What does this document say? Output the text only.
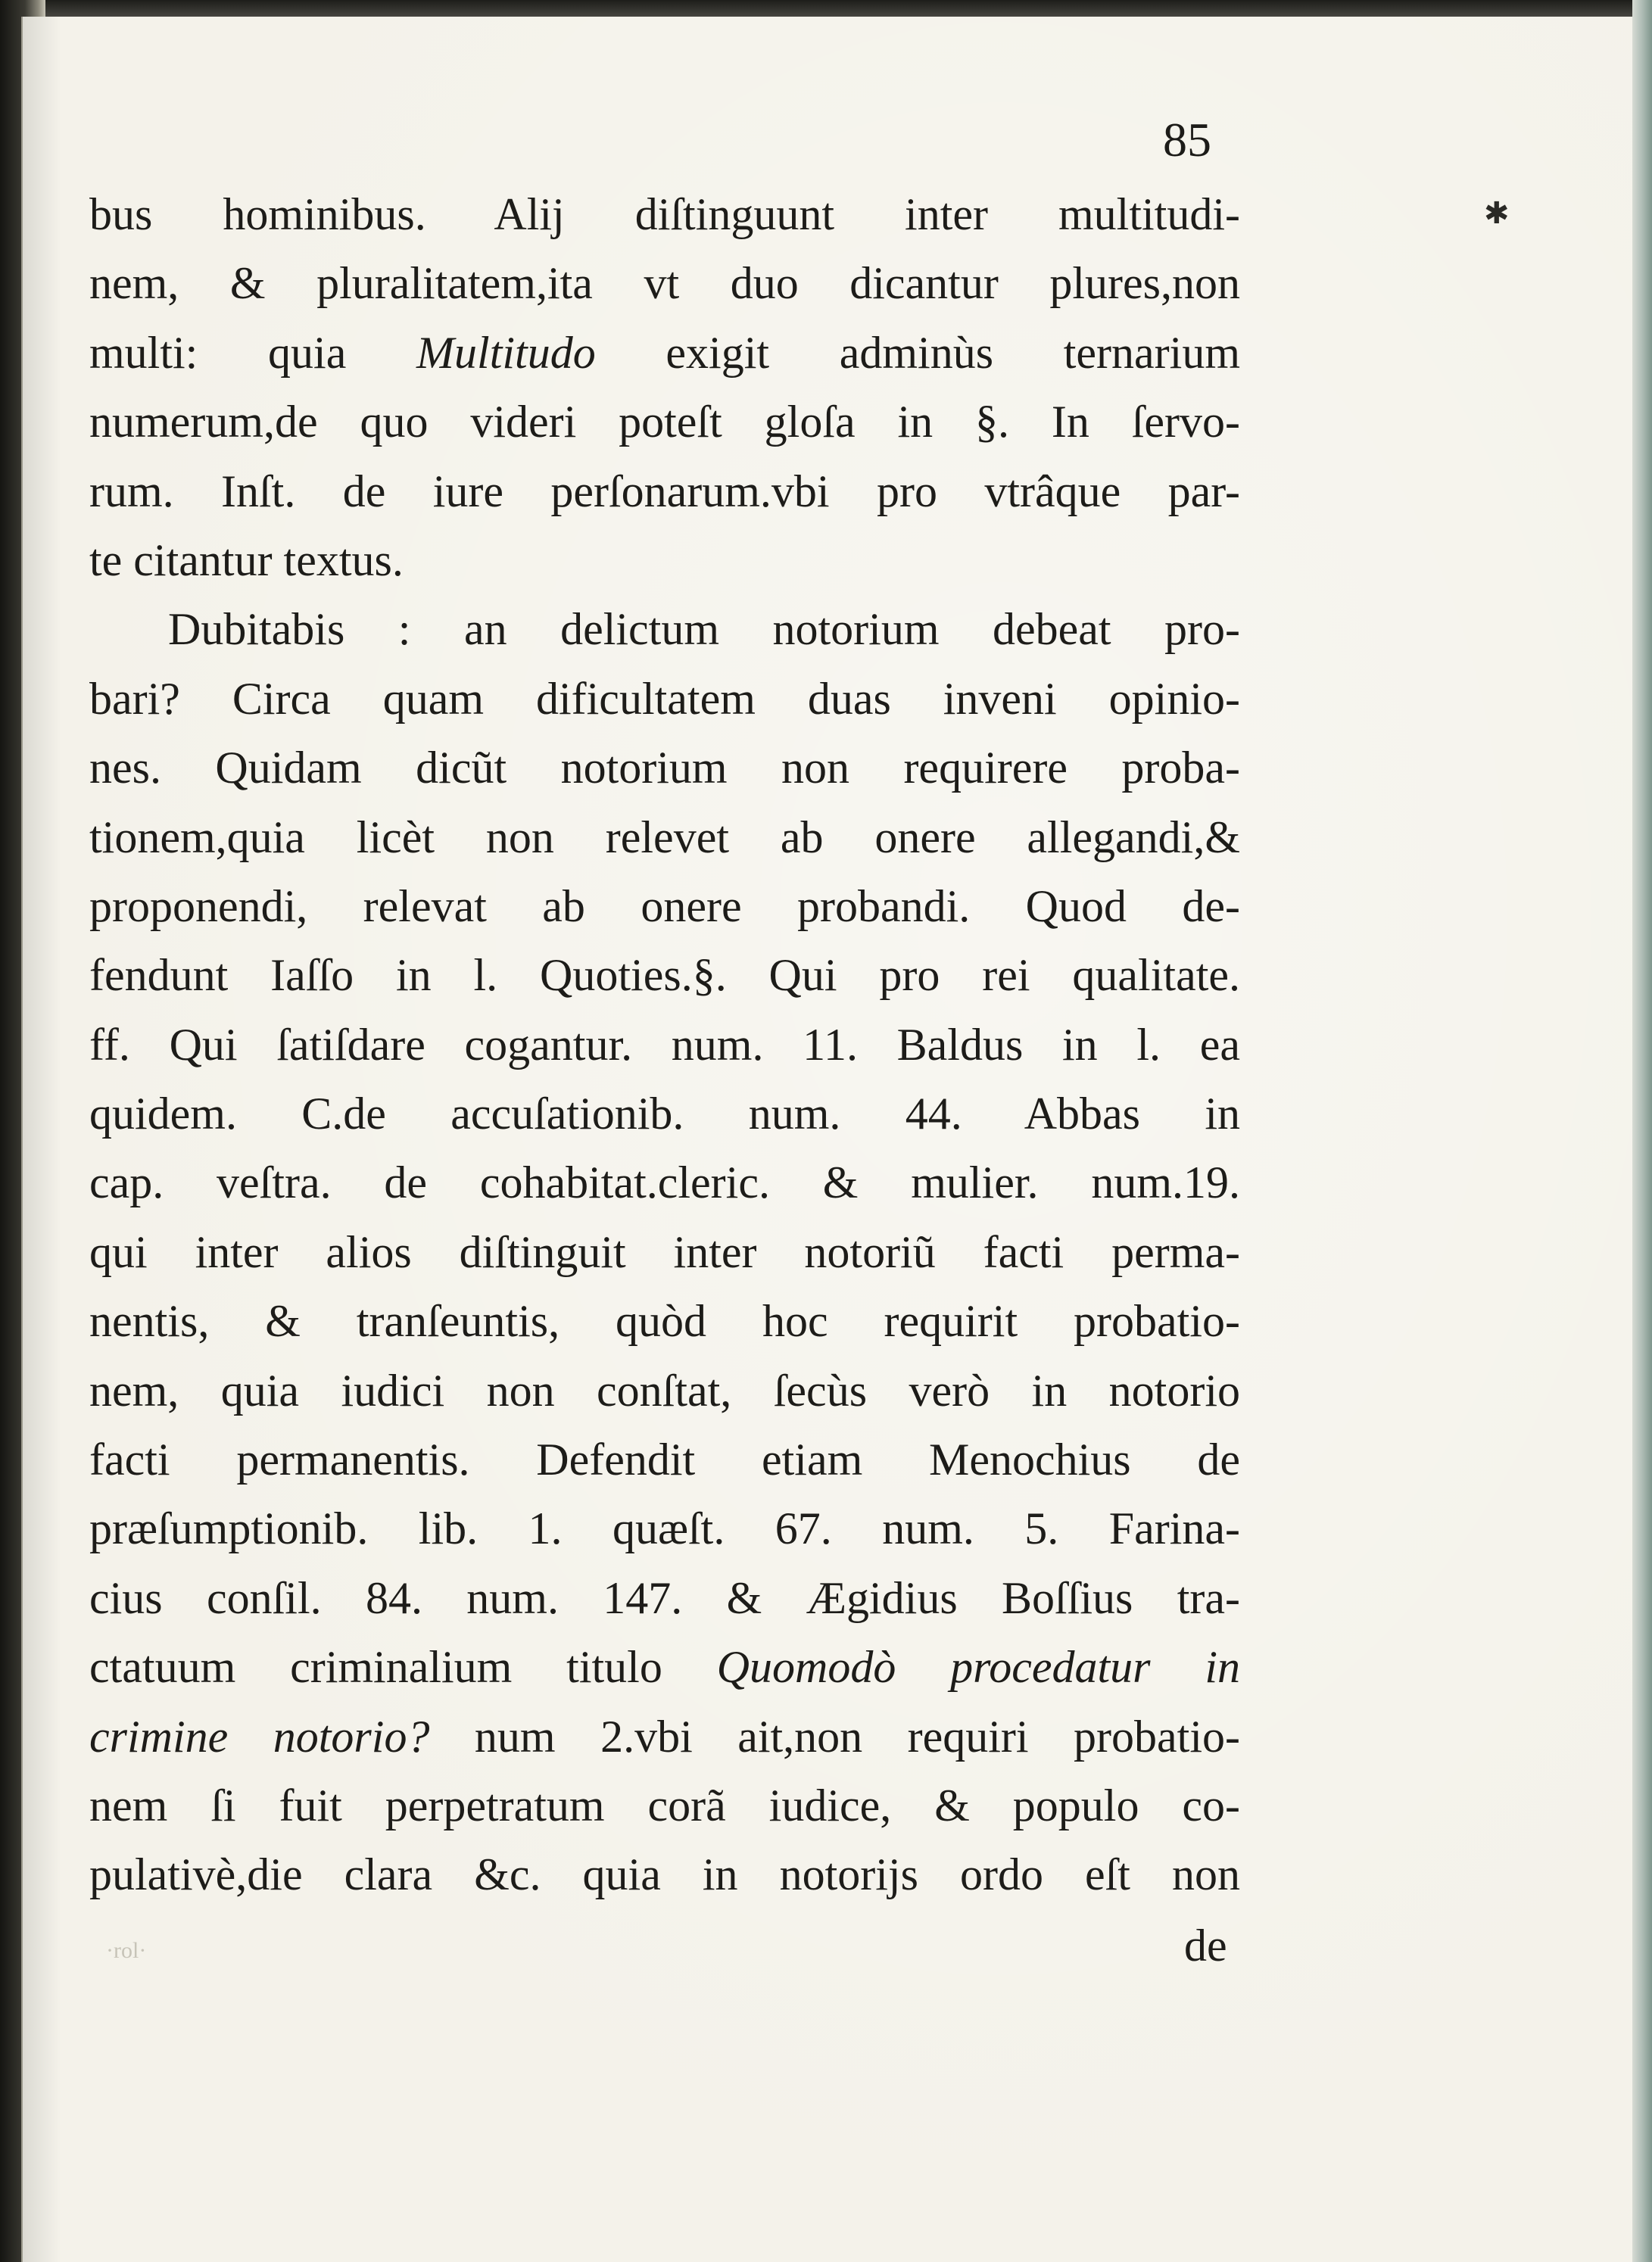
85
✱
bus hominibus. Alij diſtinguunt inter multitudi-
nem, & pluralitatem,ita vt duo dicantur plures,non
multi: quia Multitudo exigit adminùs ternarium
numerum,de quo videri poteſt gloſa in §. In ſervo-
rum. Inſt. de iure perſonarum.vbi pro vtrâque par-
te citantur textus.
Dubitabis : an delictum notorium debeat pro-
bari? Circa quam dificultatem duas inveni opinio-
nes. Quidam dicũt notorium non requirere proba-
tionem,quia licèt non relevet ab onere allegandi,&
proponendi, relevat ab onere probandi. Quod de-
fendunt Iaſſo in l. Quoties.§. Qui pro rei qualitate.
ff. Qui ſatiſdare cogantur. num. 11. Baldus in l. ea
quidem. C.de accuſationib. num. 44. Abbas in
cap. veſtra. de cohabitat.cleric. & mulier. num.19.
qui inter alios diſtinguit inter notoriũ facti perma-
nentis, & tranſeuntis, quòd hoc requirit probatio-
nem, quia iudici non conſtat, ſecùs verò in notorio
facti permanentis. Defendit etiam Menochius de
præſumptionib. lib. 1. quæſt. 67. num. 5. Farina-
cius conſil. 84. num. 147. & Ægidius Boſſius tra-
ctatuum criminalium titulo Quomodò procedatur in
crimine notorio? num 2.vbi ait,non requiri probatio-
nem ſi fuit perpetratum corã iudice, & populo co-
pulativè,die clara &c. quia in notorijs ordo eſt non
de
·rol·
